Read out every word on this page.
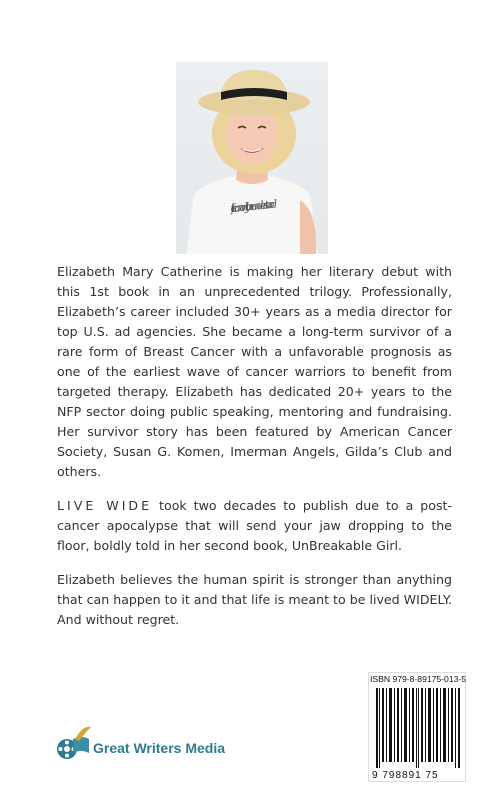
life can only be understood

Elizabeth Mary Catherine is making her literary debut with this 1st book in an unprecedented trilogy. Professionally, Elizabeth’s career included 30+ years as a media director for top U.S. ad agencies. She became a long-term survivor of a rare form of Breast Cancer with a unfavorable prognosis as one of the earliest wave of cancer warriors to benefit from targeted therapy. Elizabeth has dedicated 20+ years to the NFP sector doing public speaking, mentoring and fundraising. Her survivor story has been featured by American Cancer Society, Susan G. Komen, Imerman Angels, Gilda’s Club and others.

LIVE WIDE took two decades to publish due to a post-cancer apocalypse that will send your jaw dropping to the floor, boldly told in her second book, UnBreakable Girl.

Elizabeth believes the human spirit is stronger than anything that can happen to it and that life is meant to be lived WIDELY. And without regret.

ISBN 979-8-89175-013-5
9 798891 75
Great Writers Media
